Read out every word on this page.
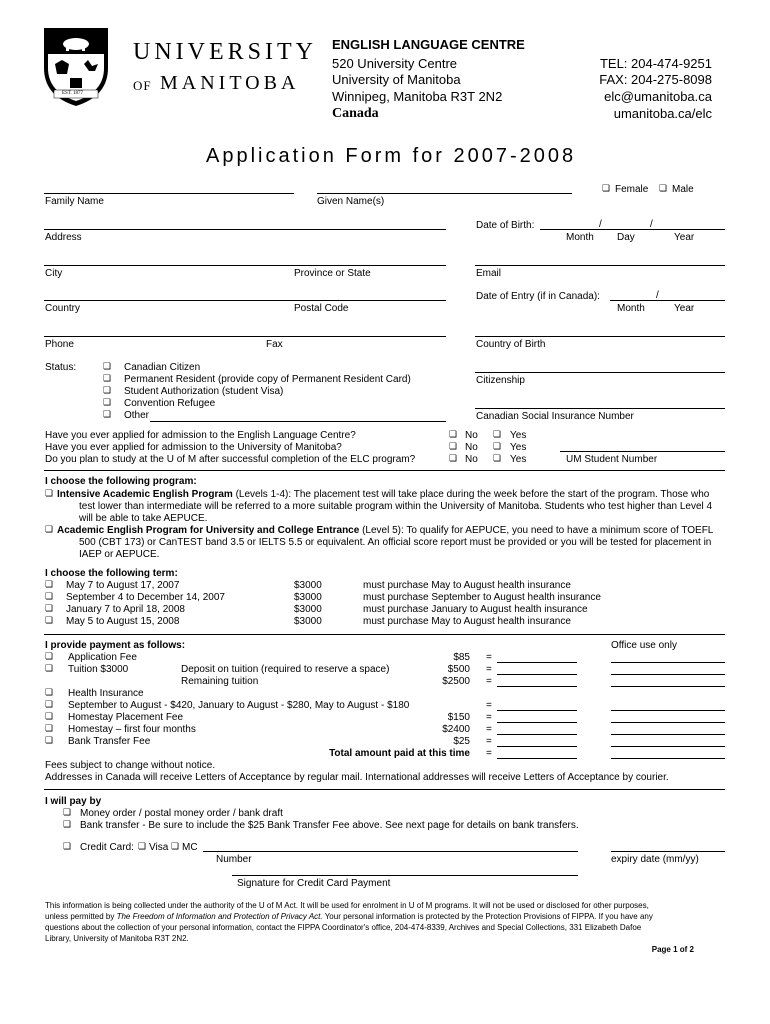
EST. 1877
UNIVERSITY
OF MANITOBA
ENGLISH LANGUAGE CENTRE
520 University Centre
University of Manitoba
Winnipeg, Manitoba R3T 2N2
Canada
TEL: 204-474-9251
FAX: 204-275-8098
elc@umanitoba.ca
umanitoba.ca/elc
Application Form for 2007-2008
Family Name	Given Name(s)
❏ Female ❏ Male
Address
Date of Birth:	/	/
Month Day	Year
City	Province or State	Email
Country	Postal Code
Date of Entry (if in Canada):	/
Month	Year
Phone	Fax	Country of Birth
Status:	❏ Canadian Citizen
❏ Permanent Resident (provide copy of Permanent Resident Card)
❏ Student Authorization (student Visa)
❏ Convention Refugee
❏ Other
Citizenship
Canadian Social Insurance Number
Have you ever applied for admission to the English Language Centre?
Have you ever applied for admission to the University of Manitoba?
Do you plan to study at the U of M after successful completion of the ELC program?
❏ No ❏ Yes
❏ No ❏ Yes
❏ No ❏ Yes	UM Student Number
I choose the following program:
❏ Intensive Academic English Program (Levels 1-4): The placement test will take place during the week before the start of the program. Those who
test lower than intermediate will be referred to a more suitable program within the University of Manitoba. Students who test higher than Level 4
will be able to take AEPUCE.
❏ Academic English Program for University and College Entrance (Level 5): To qualify for AEPUCE, you need to have a minimum score of TOEFL
500 (CBT 173) or CanTEST band 3.5 or IELTS 5.5 or equivalent. An official score report must be provided or you will be tested for placement in
IAEP or AEPUCE.
I choose the following term:
❏ May 7 to August 17, 2007	$3000	must purchase May to August health insurance
❏ September 4 to December 14, 2007	$3000	must purchase September to August health insurance
❏ January 7 to April 18, 2008	$3000	must purchase January to August health insurance
❏ May 5 to August 15, 2008	$3000	must purchase May to August health insurance
I provide payment as follows:	Office use only
❏ Application Fee	$85 =
❏ Tuition $3000	Deposit on tuition (required to reserve a space)	$500 =
Remaining tuition	$2500 =
❏ Health Insurance
❏ September to August - $420, January to August - $280, May to August - $180	=
❏ Homestay Placement Fee	$150 =
❏ Homestay – first four months	$2400 =
❏ Bank Transfer Fee	$25 =
Total amount paid at this time =
Fees subject to change without notice.
Addresses in Canada will receive Letters of Acceptance by regular mail. International addresses will receive Letters of Acceptance by courier.
I will pay by
❏ Money order / postal money order / bank draft
❏ Bank transfer - Be sure to include the $25 Bank Transfer Fee above. See next page for details on bank transfers.
❏ Credit Card: ❏ Visa ❏ MC
Number	expiry date (mm/yy)
Signature for Credit Card Payment
This information is being collected under the authority of the U of M Act. It will be used for enrolment in U of M programs. It will not be used or disclosed for other purposes,
unless permitted by The Freedom of Information and Protection of Privacy Act. Your personal information is protected by the Protection Provisions of FIPPA. If you have any
questions about the collection of your personal information, contact the FIPPA Coordinator's office, 204-474-8339, Archives and Special Collections, 331 Elizabeth Dafoe
Library, University of Manitoba R3T 2N2.
Page 1 of 2
